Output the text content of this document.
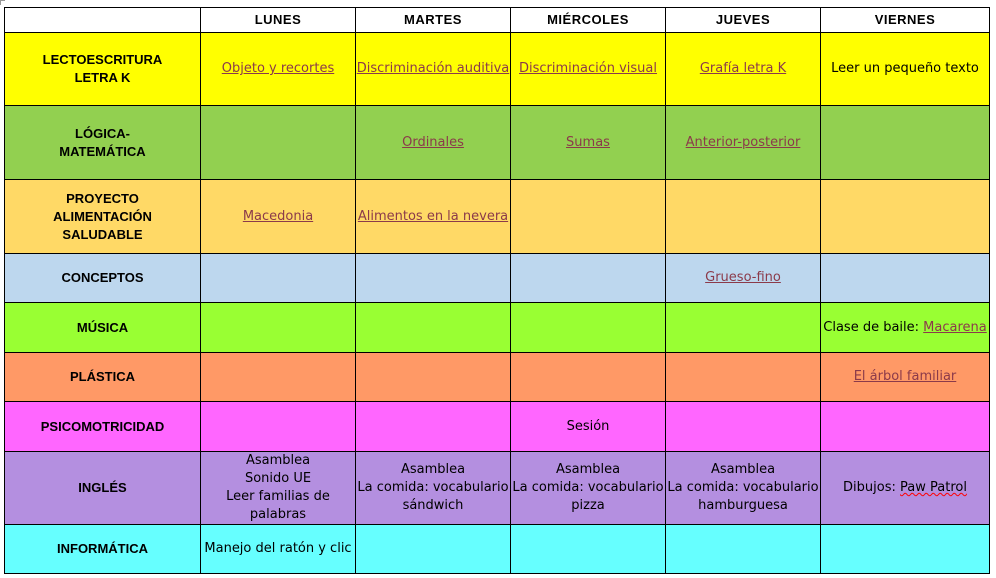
	LUNES	MARTES	MIÉRCOLES	JUEVES	VIERNES

LECTOESCRITURA
LETRA K	Objeto y recortes	Discriminación auditiva	Discriminación visual	Grafía letra K	Leer un pequeño texto

LÓGICA-
MATEMÁTICA		Ordinales	Sumas	Anterior-posterior	

PROYECTO
ALIMENTACIÓN
SALUDABLE	Macedonia	Alimentos en la nevera			

CONCEPTOS				Grueso-fino	

MÚSICA					Clase de baile: Macarena

PLÁSTICA					El árbol familiar

PSICOMOTRICIDAD			Sesión		

INGLÉS	Asamblea
Sonido UE
Leer familias de
palabras	Asamblea
La comida: vocabulario
sándwich	Asamblea
La comida: vocabulario
pizza	Asamblea
La comida: vocabulario
hamburguesa	Dibujos: Paw Patrol

INFORMÁTICA	Manejo del ratón y clic				
